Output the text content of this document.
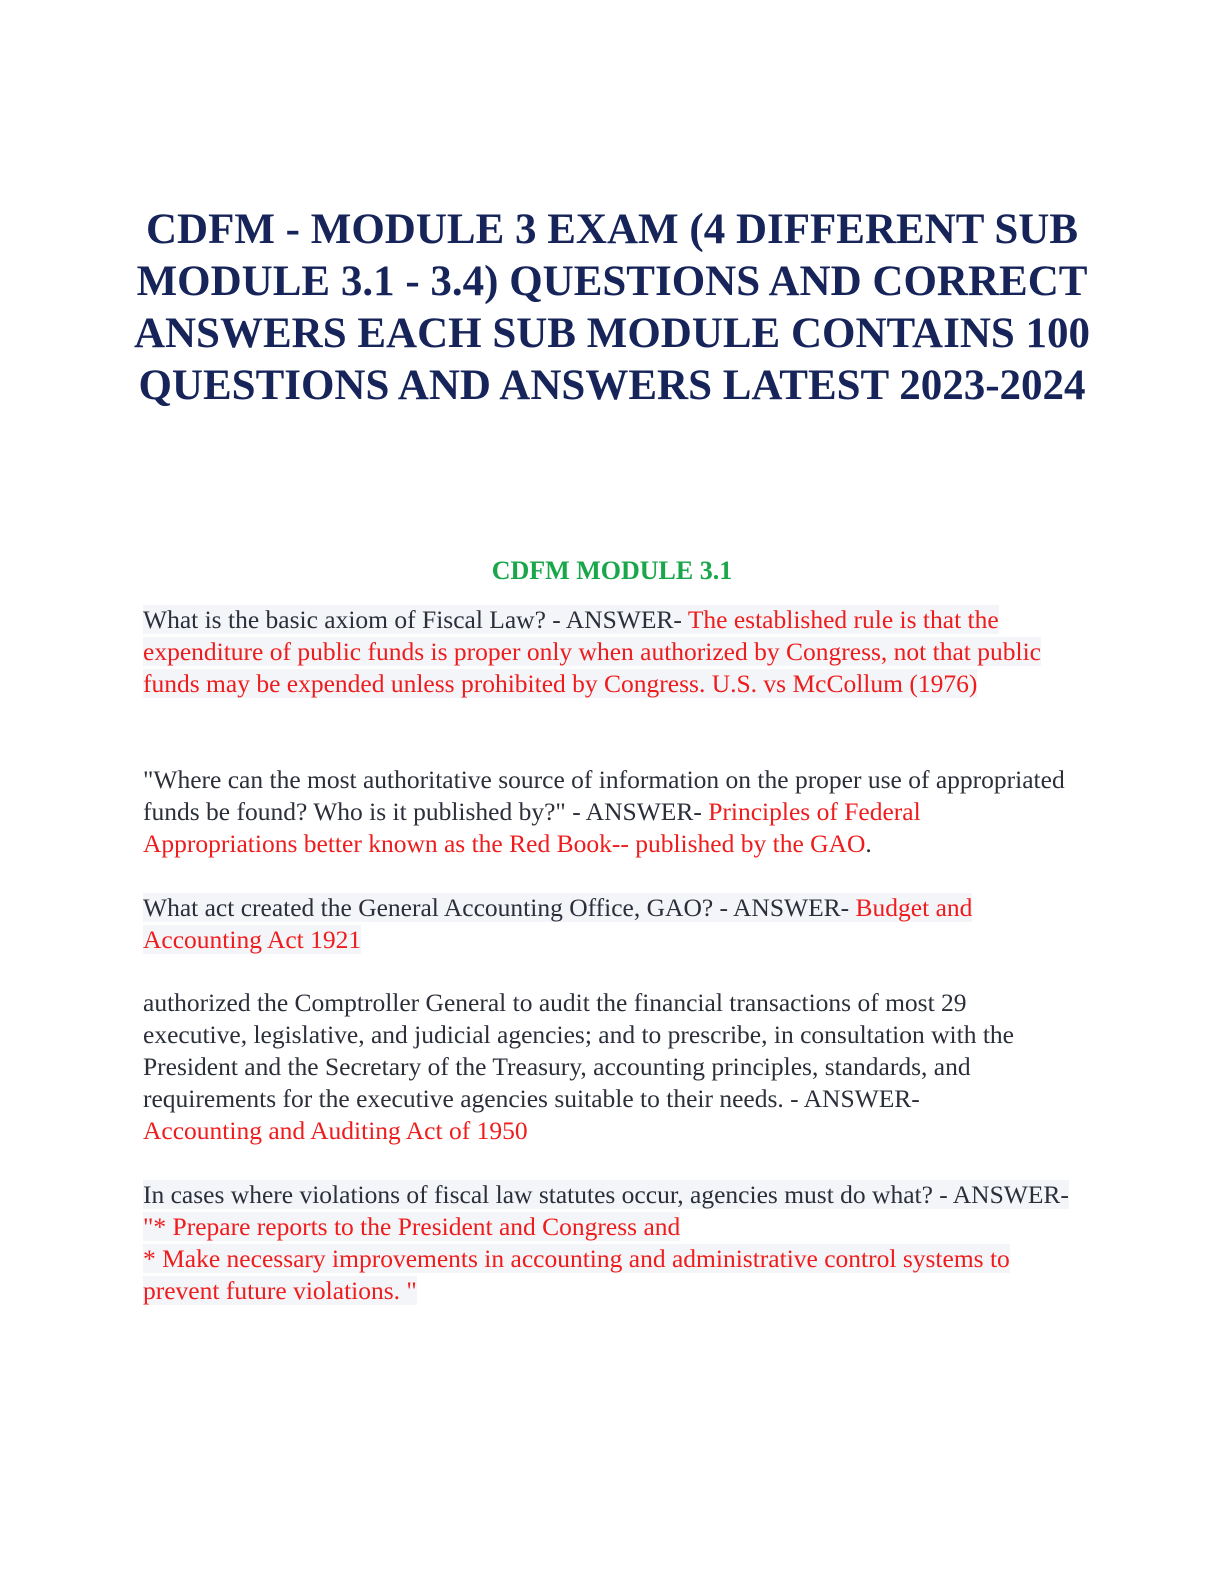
CDFM - MODULE 3 EXAM (4 DIFFERENT SUB MODULE 3.1 - 3.4) QUESTIONS AND CORRECT ANSWERS EACH SUB MODULE CONTAINS 100 QUESTIONS AND ANSWERS LATEST 2023-2024
CDFM MODULE 3.1

What is the basic axiom of Fiscal Law? - ANSWER- The established rule is that the expenditure of public funds is proper only when authorized by Congress, not that public funds may be expended unless prohibited by Congress. U.S. vs McCollum (1976)

"Where can the most authoritative source of information on the proper use of appropriated funds be found? Who is it published by?" - ANSWER- Principles of Federal Appropriations better known as the Red Book-- published by the GAO.

What act created the General Accounting Office, GAO? - ANSWER- Budget and Accounting Act 1921

authorized the Comptroller General to audit the financial transactions of most 29 executive, legislative, and judicial agencies; and to prescribe, in consultation with the President and the Secretary of the Treasury, accounting principles, standards, and requirements for the executive agencies suitable to their needs. - ANSWER-
Accounting and Auditing Act of 1950

In cases where violations of fiscal law statutes occur, agencies must do what? - ANSWER- "* Prepare reports to the President and Congress and
* Make necessary improvements in accounting and administrative control systems to prevent future violations. "
